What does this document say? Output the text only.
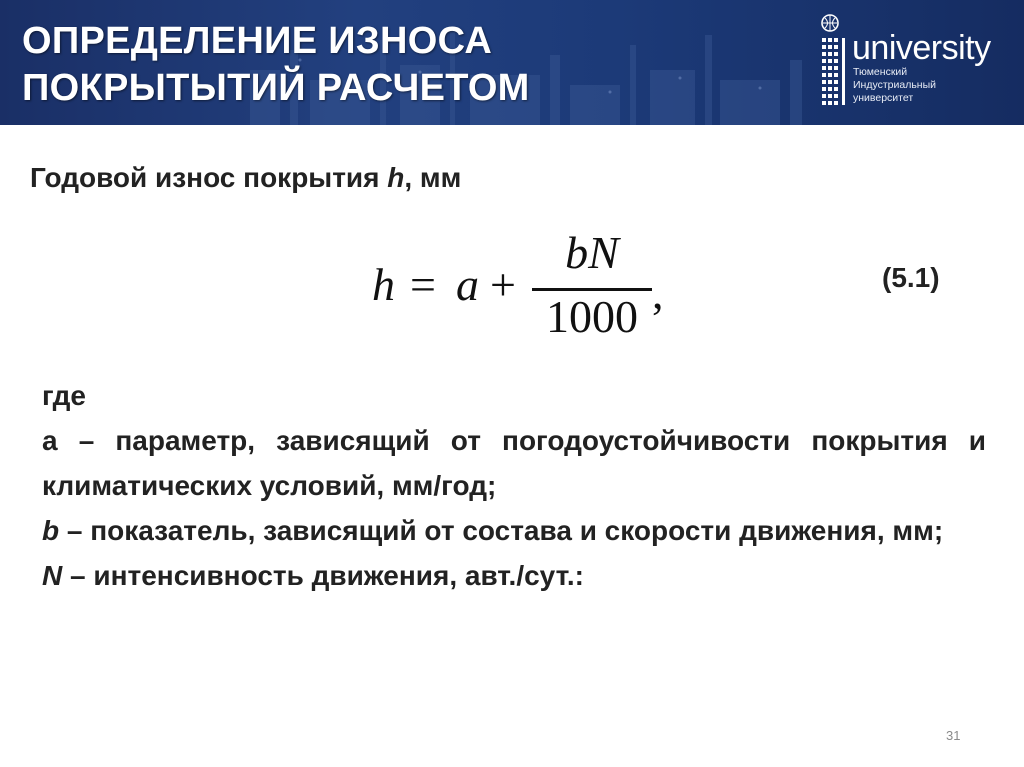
ОПРЕДЕЛЕНИЕ ИЗНОСА
ПОКРЫТЫТИЙ РАСЧЕТОМ
university
Тюменский
Индустриальный
университет
Годовой износ покрытия h, мм
h = a +
bN
1000 ,	(5.1)
где
а – параметр, зависящий от погодоустойчивости покрытия и климатических условий, мм/год;
b – показатель, зависящий от состава и скорости движения, мм;
N – интенсивность движения, авт./сут.:
31
